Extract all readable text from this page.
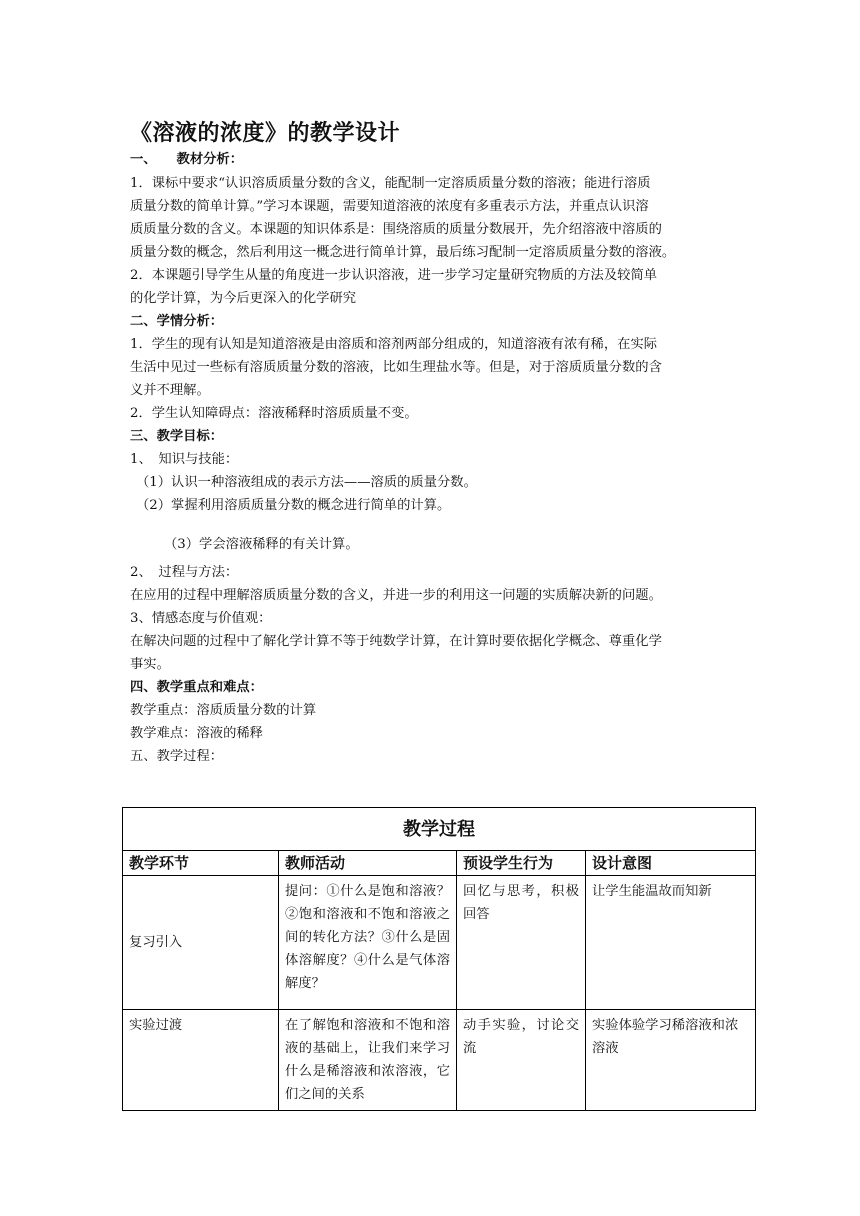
《溶液的浓度》的教学设计
一、　　教材分析：
1．课标中要求“认识溶质质量分数的含义，能配制一定溶质质量分数的溶液；能进行溶质
质量分数的简单计算。”学习本课题，需要知道溶液的浓度有多重表示方法，并重点认识溶
质质量分数的含义。本课题的知识体系是：围绕溶质的质量分数展开，先介绍溶液中溶质的
质量分数的概念，然后利用这一概念进行简单计算，最后练习配制一定溶质质量分数的溶液。
2．本课题引导学生从量的角度进一步认识溶液，进一步学习定量研究物质的方法及较简单
的化学计算，为今后更深入的化学研究
二、学情分析：
1．学生的现有认知是知道溶液是由溶质和溶剂两部分组成的，知道溶液有浓有稀，在实际
生活中见过一些标有溶质质量分数的溶液，比如生理盐水等。但是，对于溶质质量分数的含
义并不理解。
2．学生认知障碍点：溶液稀释时溶质质量不变。
三、教学目标：
1、　知识与技能：
（1）认识一种溶液组成的表示方法——溶质的质量分数。
（2）掌握利用溶质质量分数的概念进行简单的计算。
（3）学会溶液稀释的有关计算。
2、　过程与方法：
在应用的过程中理解溶质质量分数的含义，并进一步的利用这一问题的实质解决新的问题。
3、情感态度与价值观：
在解决问题的过程中了解化学计算不等于纯数学计算，在计算时要依据化学概念、尊重化学
事实。
四、教学重点和难点：
教学重点：溶质质量分数的计算
教学难点：溶液的稀释
五、教学过程：
教学过程			
教学环节	教师活动	预设学生行为	设计意图
复习引入	提问：①什么是饱和溶液？②饱和溶液和不饱和溶液之间的转化方法？③什么是固体溶解度？④什么是气体溶解度？	回忆与思考，积极回答	让学生能温故而知新
实验过渡	在了解饱和溶液和不饱和溶液的基础上，让我们来学习什么是稀溶液和浓溶液，它们之间的关系	动手实验，讨论交流	实验体验学习稀溶液和浓溶液
